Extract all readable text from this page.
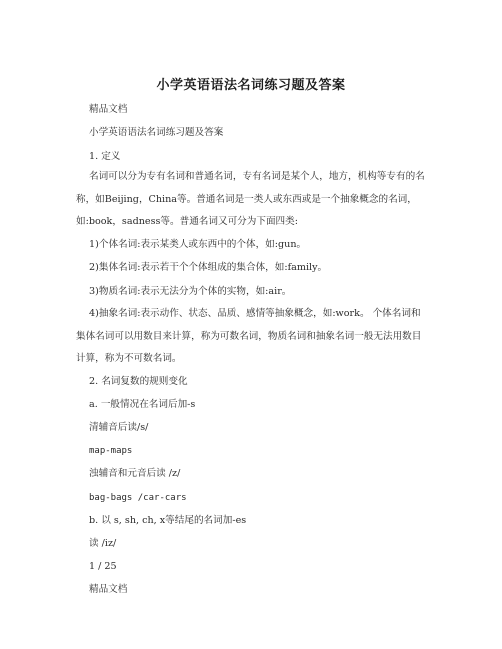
小学英语语法名词练习题及答案
精品文档
小学英语语法名词练习题及答案
1. 定义
名词可以分为专有名词和普通名词，专有名词是某个人，地方，机构等专有的名称，如Beijing，China等。普通名词是一类人或东西或是一个抽象概念的名词，如:book，sadness等。普通名词又可分为下面四类:
1)个体名词:表示某类人或东西中的个体，如:gun。
2)集体名词:表示若干个个体组成的集合体，如:family。
3)物质名词:表示无法分为个体的实物，如:air。
4)抽象名词:表示动作、状态、品质、感情等抽象概念，如:work。 个体名词和集体名词可以用数目来计算，称为可数名词，物质名词和抽象名词一般无法用数目计算，称为不可数名词。
2. 名词复数的规则变化
a. 一般情况在名词后加-s
清辅音后读/s/
map-maps
浊辅音和元音后读 /z/
bag-bags /car-cars
b. 以 s, sh, ch, x等结尾的名词加-es
读 /iz/
1 / 25
精品文档
